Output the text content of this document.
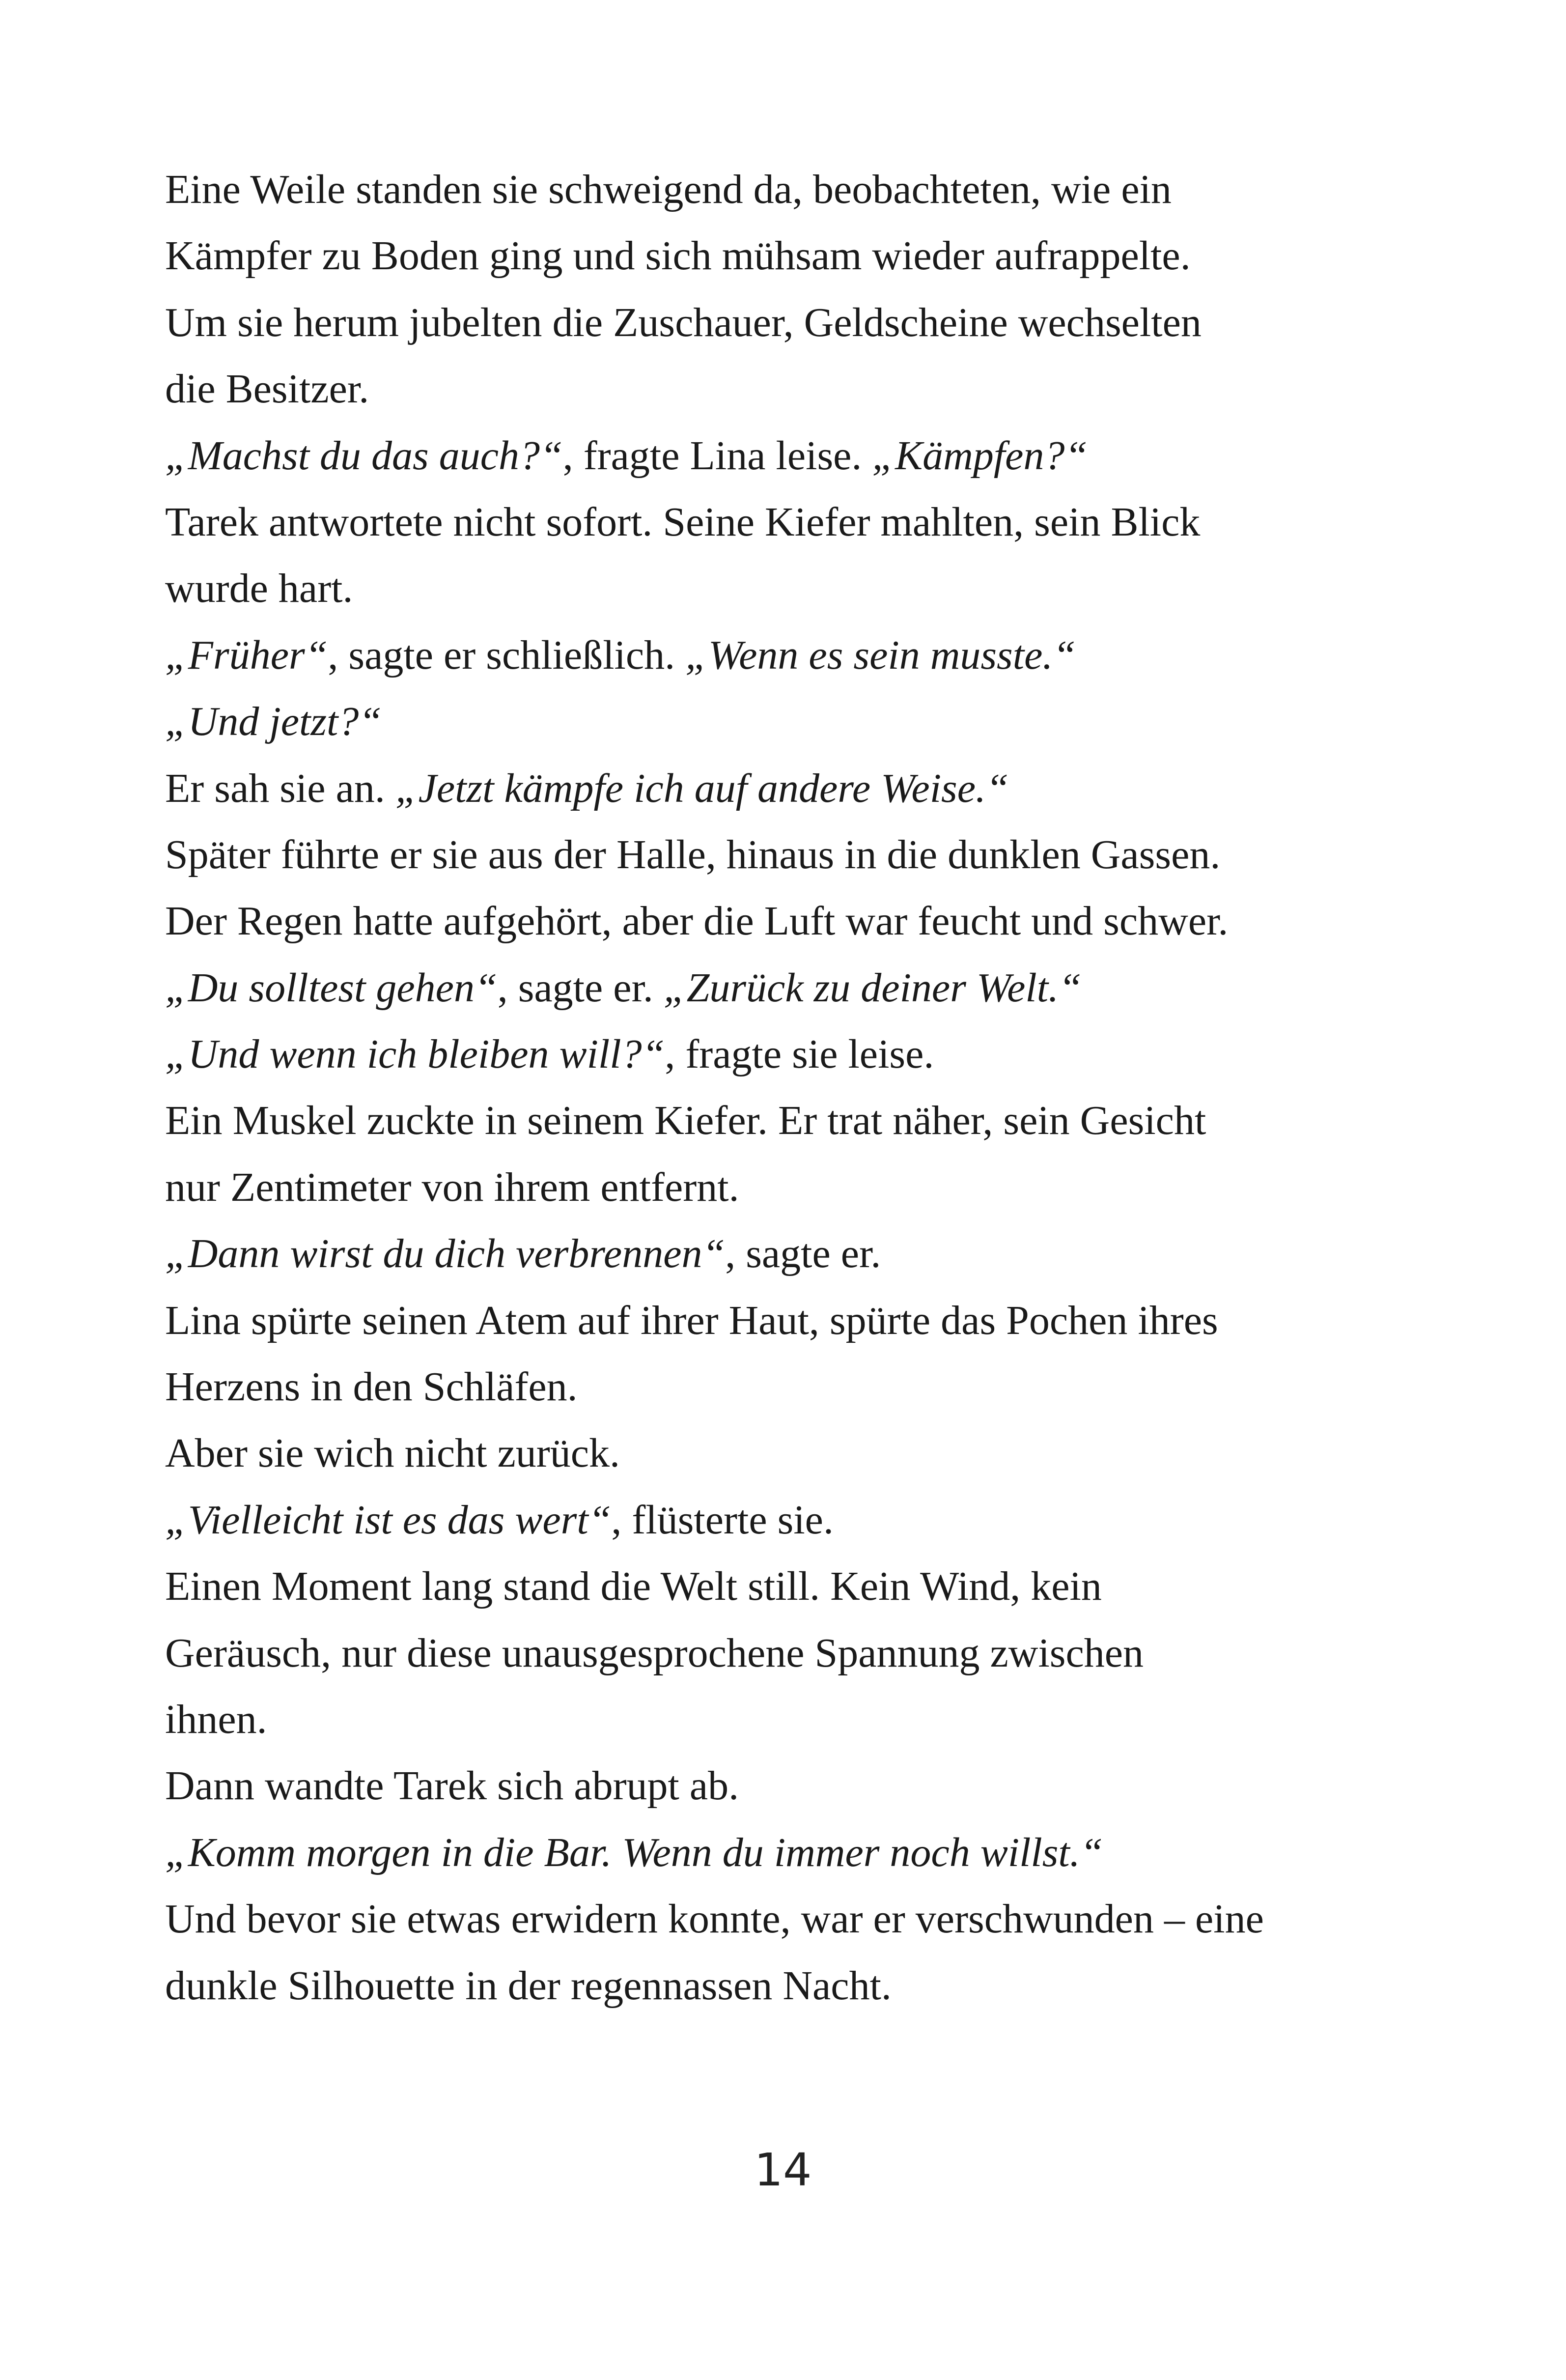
Eine Weile standen sie schweigend da, beobachteten, wie ein
Kämpfer zu Boden ging und sich mühsam wieder aufrappelte.
Um sie herum jubelten die Zuschauer, Geldscheine wechselten
die Besitzer.
„Machst du das auch?“, fragte Lina leise. „Kämpfen?“
Tarek antwortete nicht sofort. Seine Kiefer mahlten, sein Blick
wurde hart.
„Früher“, sagte er schließlich. „Wenn es sein musste.“
„Und jetzt?“
Er sah sie an. „Jetzt kämpfe ich auf andere Weise.“
Später führte er sie aus der Halle, hinaus in die dunklen Gassen.
Der Regen hatte aufgehört, aber die Luft war feucht und schwer.
„Du solltest gehen“, sagte er. „Zurück zu deiner Welt.“
„Und wenn ich bleiben will?“, fragte sie leise.
Ein Muskel zuckte in seinem Kiefer. Er trat näher, sein Gesicht
nur Zentimeter von ihrem entfernt.
„Dann wirst du dich verbrennen“, sagte er.
Lina spürte seinen Atem auf ihrer Haut, spürte das Pochen ihres
Herzens in den Schläfen.
Aber sie wich nicht zurück.
„Vielleicht ist es das wert“, flüsterte sie.
Einen Moment lang stand die Welt still. Kein Wind, kein
Geräusch, nur diese unausgesprochene Spannung zwischen
ihnen.
Dann wandte Tarek sich abrupt ab.
„Komm morgen in die Bar. Wenn du immer noch willst.“
Und bevor sie etwas erwidern konnte, war er verschwunden – eine
dunkle Silhouette in der regennassen Nacht.
14
